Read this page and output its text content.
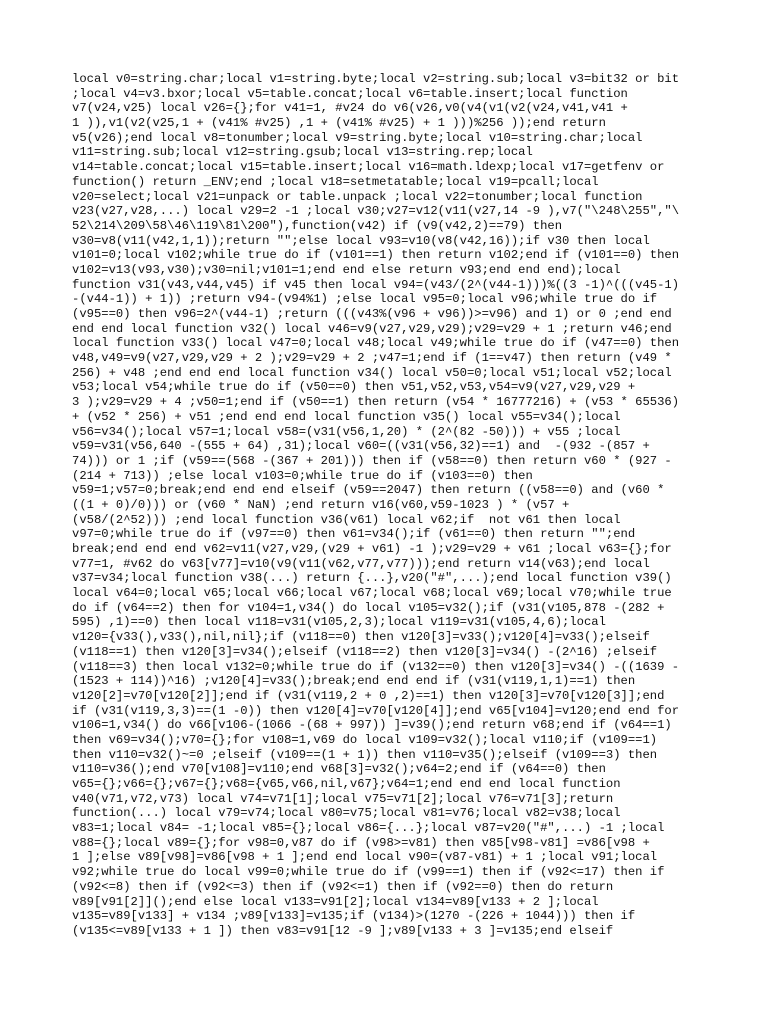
local v0=string.char;local v1=string.byte;local v2=string.sub;local v3=bit32 or bit
;local v4=v3.bxor;local v5=table.concat;local v6=table.insert;local function
v7(v24,v25) local v26={};for v41=1, #v24 do v6(v26,v0(v4(v1(v2(v24,v41,v41 +
1 )),v1(v2(v25,1 + (v41% #v25) ,1 + (v41% #v25) + 1 )))%256 ));end return
v5(v26);end local v8=tonumber;local v9=string.byte;local v10=string.char;local
v11=string.sub;local v12=string.gsub;local v13=string.rep;local
v14=table.concat;local v15=table.insert;local v16=math.ldexp;local v17=getfenv or
function() return _ENV;end ;local v18=setmetatable;local v19=pcall;local
v20=select;local v21=unpack or table.unpack ;local v22=tonumber;local function
v23(v27,v28,...) local v29=2 -1 ;local v30;v27=v12(v11(v27,14 -9 ),v7("\248\255","\
52\214\209\58\46\119\81\200"),function(v42) if (v9(v42,2)==79) then
v30=v8(v11(v42,1,1));return "";else local v93=v10(v8(v42,16));if v30 then local
v101=0;local v102;while true do if (v101==1) then return v102;end if (v101==0) then
v102=v13(v93,v30);v30=nil;v101=1;end end else return v93;end end end);local
function v31(v43,v44,v45) if v45 then local v94=(v43/(2^(v44-1)))%((3 -1)^(((v45-1)
-(v44-1)) + 1)) ;return v94-(v94%1) ;else local v95=0;local v96;while true do if
(v95==0) then v96=2^(v44-1) ;return (((v43%(v96 + v96))>=v96) and 1) or 0 ;end end
end end local function v32() local v46=v9(v27,v29,v29);v29=v29 + 1 ;return v46;end
local function v33() local v47=0;local v48;local v49;while true do if (v47==0) then
v48,v49=v9(v27,v29,v29 + 2 );v29=v29 + 2 ;v47=1;end if (1==v47) then return (v49 *
256) + v48 ;end end end local function v34() local v50=0;local v51;local v52;local
v53;local v54;while true do if (v50==0) then v51,v52,v53,v54=v9(v27,v29,v29 +
3 );v29=v29 + 4 ;v50=1;end if (v50==1) then return (v54 * 16777216) + (v53 * 65536)
+ (v52 * 256) + v51 ;end end end local function v35() local v55=v34();local
v56=v34();local v57=1;local v58=(v31(v56,1,20) * (2^(82 -50))) + v55 ;local
v59=v31(v56,640 -(555 + 64) ,31);local v60=((v31(v56,32)==1) and  -(932 -(857 +
74))) or 1 ;if (v59==(568 -(367 + 201))) then if (v58==0) then return v60 * (927 -
(214 + 713)) ;else local v103=0;while true do if (v103==0) then
v59=1;v57=0;break;end end end elseif (v59==2047) then return ((v58==0) and (v60 *
((1 + 0)/0))) or (v60 * NaN) ;end return v16(v60,v59-1023 ) * (v57 +
(v58/(2^52))) ;end local function v36(v61) local v62;if  not v61 then local
v97=0;while true do if (v97==0) then v61=v34();if (v61==0) then return "";end
break;end end end v62=v11(v27,v29,(v29 + v61) -1 );v29=v29 + v61 ;local v63={};for
v77=1, #v62 do v63[v77]=v10(v9(v11(v62,v77,v77)));end return v14(v63);end local
v37=v34;local function v38(...) return {...},v20("#",...);end local function v39()
local v64=0;local v65;local v66;local v67;local v68;local v69;local v70;while true
do if (v64==2) then for v104=1,v34() do local v105=v32();if (v31(v105,878 -(282 +
595) ,1)==0) then local v118=v31(v105,2,3);local v119=v31(v105,4,6);local
v120={v33(),v33(),nil,nil};if (v118==0) then v120[3]=v33();v120[4]=v33();elseif
(v118==1) then v120[3]=v34();elseif (v118==2) then v120[3]=v34() -(2^16) ;elseif
(v118==3) then local v132=0;while true do if (v132==0) then v120[3]=v34() -((1639 -
(1523 + 114))^16) ;v120[4]=v33();break;end end end if (v31(v119,1,1)==1) then
v120[2]=v70[v120[2]];end if (v31(v119,2 + 0 ,2)==1) then v120[3]=v70[v120[3]];end
if (v31(v119,3,3)==(1 -0)) then v120[4]=v70[v120[4]];end v65[v104]=v120;end end for
v106=1,v34() do v66[v106-(1066 -(68 + 997)) ]=v39();end return v68;end if (v64==1)
then v69=v34();v70={};for v108=1,v69 do local v109=v32();local v110;if (v109==1)
then v110=v32()~=0 ;elseif (v109==(1 + 1)) then v110=v35();elseif (v109==3) then
v110=v36();end v70[v108]=v110;end v68[3]=v32();v64=2;end if (v64==0) then
v65={};v66={};v67={};v68={v65,v66,nil,v67};v64=1;end end end local function
v40(v71,v72,v73) local v74=v71[1];local v75=v71[2];local v76=v71[3];return
function(...) local v79=v74;local v80=v75;local v81=v76;local v82=v38;local
v83=1;local v84= -1;local v85={};local v86={...};local v87=v20("#",...) -1 ;local
v88={};local v89={};for v98=0,v87 do if (v98>=v81) then v85[v98-v81] =v86[v98 +
1 ];else v89[v98]=v86[v98 + 1 ];end end local v90=(v87-v81) + 1 ;local v91;local
v92;while true do local v99=0;while true do if (v99==1) then if (v92<=17) then if
(v92<=8) then if (v92<=3) then if (v92<=1) then if (v92==0) then do return
v89[v91[2]]();end else local v133=v91[2];local v134=v89[v133 + 2 ];local
v135=v89[v133] + v134 ;v89[v133]=v135;if (v134)>(1270 -(226 + 1044))) then if
(v135<=v89[v133 + 1 ]) then v83=v91[12 -9 ];v89[v133 + 3 ]=v135;end elseif
